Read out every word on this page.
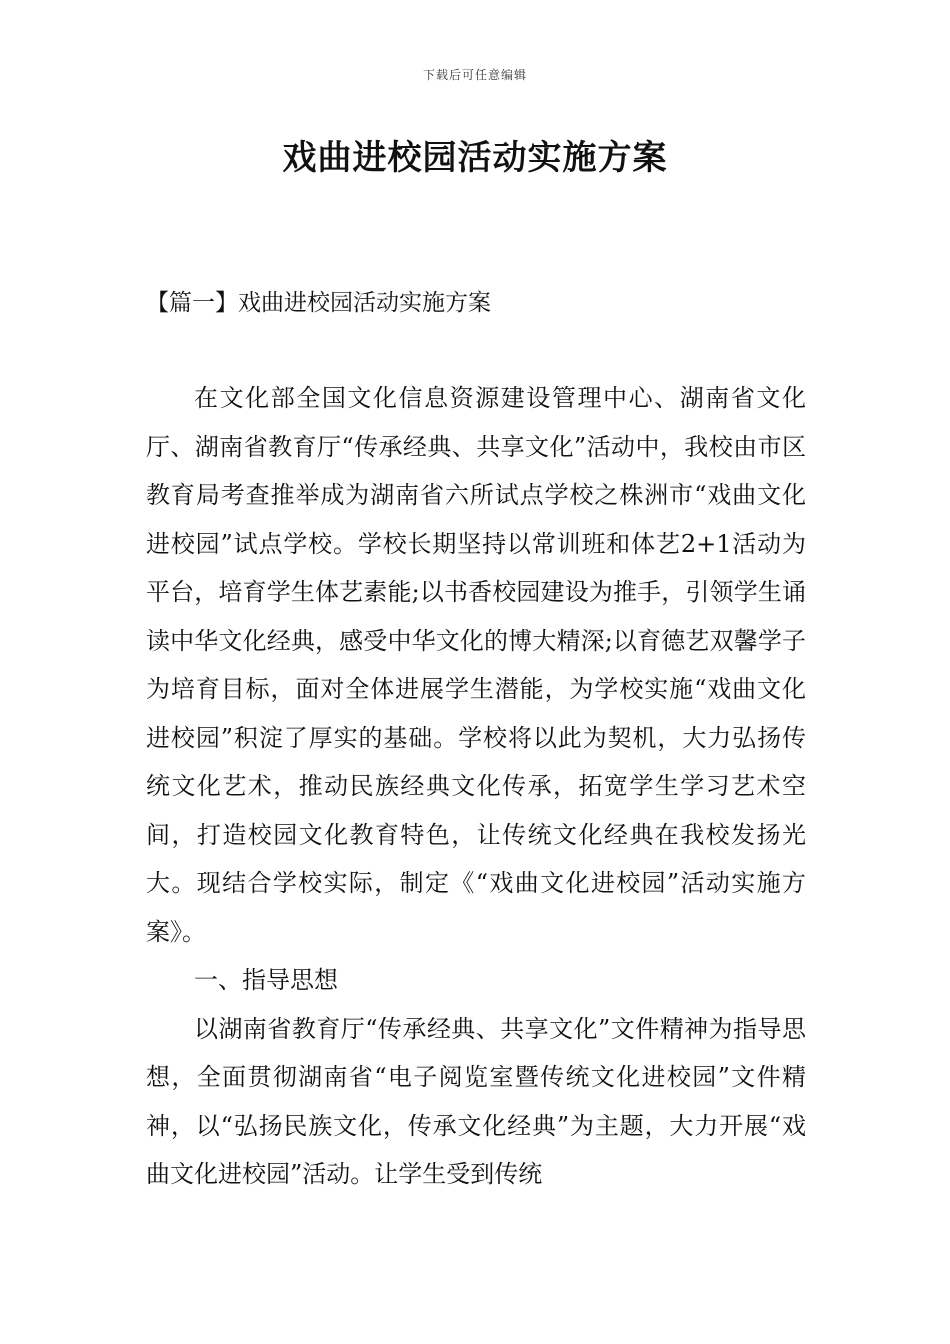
下载后可任意编辑
戏曲进校园活动实施方案
【篇一】戏曲进校园活动实施方案

在文化部全国文化信息资源建设管理中心、湖南省文化厅、湖南省教育厅“传承经典、共享文化”活动中，我校由市区教育局考查推举成为湖南省六所试点学校之株洲市“戏曲文化进校园”试点学校。学校长期坚持以常训班和体艺2+1活动为平台，培育学生体艺素能;以书香校园建设为推手，引领学生诵读中华文化经典，感受中华文化的博大精深;以育德艺双馨学子为培育目标，面对全体进展学生潜能，为学校实施“戏曲文化进校园”积淀了厚实的基础。学校将以此为契机，大力弘扬传统文化艺术，推动民族经典文化传承，拓宽学生学习艺术空间，打造校园文化教育特色，让传统文化经典在我校发扬光大。现结合学校实际，制定《“戏曲文化进校园”活动实施方案》。

一、指导思想

以湖南省教育厅“传承经典、共享文化”文件精神为指导思想，全面贯彻湖南省“电子阅览室暨传统文化进校园”文件精神，以“弘扬民族文化，传承文化经典”为主题，大力开展“戏曲文化进校园”活动。让学生受到传统
